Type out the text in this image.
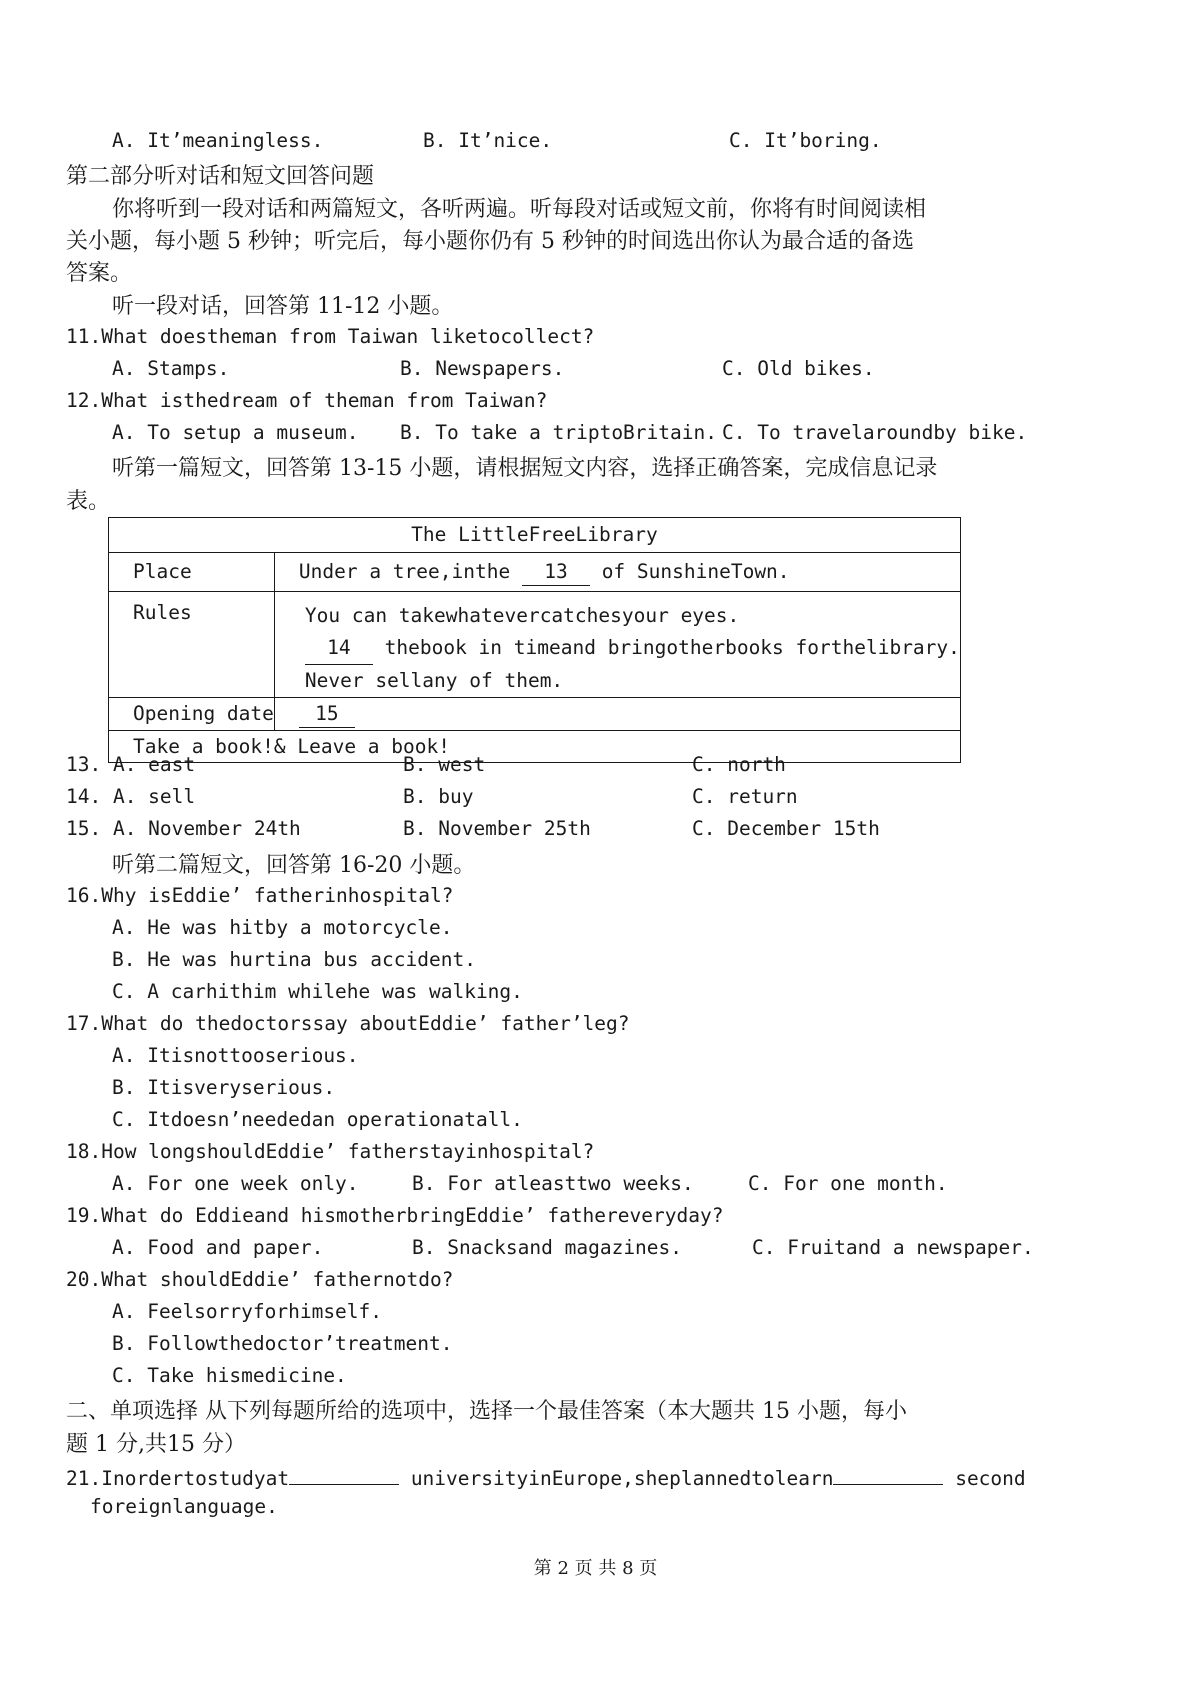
A. It’meaningless.	B. It’nice.	C. It’boring.
第二部分听对话和短文回答问题
你将听到一段对话和两篇短文，各听两遍。听每段对话或短文前，你将有时间阅读相
关小题，每小题 5 秒钟；听完后，每小题你仍有 5 秒钟的时间选出你认为最合适的备选
答案。
听一段对话，回答第 11-12 小题。
11.What doestheman from Taiwan liketocollect?
A. Stamps.	B. Newspapers.	C. Old bikes.
12.What isthedream of theman from Taiwan?
A. To setup a museum. B. To take a triptoBritain. C. To travelaroundby bike.
听第一篇短文，回答第 13-15 小题，请根据短文内容，选择正确答案，完成信息记录
表。
The LittleFreeLibrary	
Place	Under a tree,inthe 13 of SunshineTown.
Rules	You can takewhatevercatchesyour eyes.
14 thebook in timeand bringotherbooks forthelibrary.
Never sellany of them.

Opening date	15
Take a book!& Leave a book!	
13. A. east	B. west	C. north
14. A. sell	B. buy	C. return
15. A. November 24th	B. November 25th	C. December 15th
听第二篇短文，回答第 16-20 小题。
16.Why isEddie’ fatherinhospital?
A. He was hitby a motorcycle.
B. He was hurtina bus accident.
C. A carhithim whilehe was walking.
17.What do thedoctorssay aboutEddie’ father’leg?
A. Itisnottooserious.
B. Itisveryserious.
C. Itdoesn’neededan operationatall.
18.How longshouldEddie’ fatherstayinhospital?
A. For one week only.	B. For atleasttwo weeks.	C. For one month.
19.What do Eddieand hismotherbringEddie’ fathereveryday?
A. Food and paper.	B. Snacksand magazines.	C. Fruitand a newspaper.
20.What shouldEddie’ fathernotdo?
A. Feelsorryforhimself.
B. Followthedoctor’treatment.
C. Take hismedicine.
二、单项选择 从下列每题所给的选项中，选择一个最佳答案（本大题共 15 小题，每小
题 1 分,共15 分）
21.Inordertostudyat	universityinEurope,sheplannedtolearn	second
foreignlanguage.
第 2 页 共 8 页
